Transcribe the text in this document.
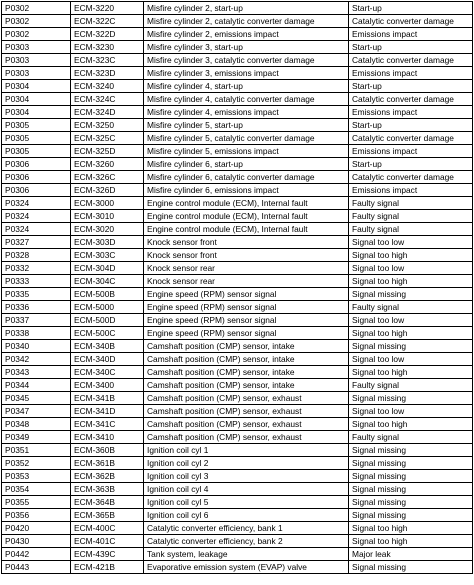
P0302	ECM-3220	Misfire cylinder 2, start-up	Start-up
P0302	ECM-322C	Misfire cylinder 2, catalytic converter damage	Catalytic converter damage
P0302	ECM-322D	Misfire cylinder 2, emissions impact	Emissions impact
P0303	ECM-3230	Misfire cylinder 3, start-up	Start-up
P0303	ECM-323C	Misfire cylinder 3, catalytic converter damage	Catalytic converter damage
P0303	ECM-323D	Misfire cylinder 3, emissions impact	Emissions impact
P0304	ECM-3240	Misfire cylinder 4, start-up	Start-up
P0304	ECM-324C	Misfire cylinder 4, catalytic converter damage	Catalytic converter damage
P0304	ECM-324D	Misfire cylinder 4, emissions impact	Emissions impact
P0305	ECM-3250	Misfire cylinder 5, start-up	Start-up
P0305	ECM-325C	Misfire cylinder 5, catalytic converter damage	Catalytic converter damage
P0305	ECM-325D	Misfire cylinder 5, emissions impact	Emissions impact
P0306	ECM-3260	Misfire cylinder 6, start-up	Start-up
P0306	ECM-326C	Misfire cylinder 6, catalytic converter damage	Catalytic converter damage
P0306	ECM-326D	Misfire cylinder 6, emissions impact	Emissions impact
P0324	ECM-3000	Engine control module (ECM), Internal fault	Faulty signal
P0324	ECM-3010	Engine control module (ECM), Internal fault	Faulty signal
P0324	ECM-3020	Engine control module (ECM), Internal fault	Faulty signal
P0327	ECM-303D	Knock sensor front	Signal too low
P0328	ECM-303C	Knock sensor front	Signal too high
P0332	ECM-304D	Knock sensor rear	Signal too low
P0333	ECM-304C	Knock sensor rear	Signal too high
P0335	ECM-500B	Engine speed (RPM) sensor signal	Signal missing
P0336	ECM-5000	Engine speed (RPM) sensor signal	Faulty signal
P0337	ECM-500D	Engine speed (RPM) sensor signal	Signal too low
P0338	ECM-500C	Engine speed (RPM) sensor signal	Signal too high
P0340	ECM-340B	Camshaft position (CMP) sensor, intake	Signal missing
P0342	ECM-340D	Camshaft position (CMP) sensor, intake	Signal too low
P0343	ECM-340C	Camshaft position (CMP) sensor, intake	Signal too high
P0344	ECM-3400	Camshaft position (CMP) sensor, intake	Faulty signal
P0345	ECM-341B	Camshaft position (CMP) sensor, exhaust	Signal missing
P0347	ECM-341D	Camshaft position (CMP) sensor, exhaust	Signal too low
P0348	ECM-341C	Camshaft position (CMP) sensor, exhaust	Signal too high
P0349	ECM-3410	Camshaft position (CMP) sensor, exhaust	Faulty signal
P0351	ECM-360B	Ignition coil cyl 1	Signal missing
P0352	ECM-361B	Ignition coil cyl 2	Signal missing
P0353	ECM-362B	Ignition coil cyl 3	Signal missing
P0354	ECM-363B	Ignition coil cyl 4	Signal missing
P0355	ECM-364B	Ignition coil cyl 5	Signal missing
P0356	ECM-365B	Ignition coil cyl 6	Signal missing
P0420	ECM-400C	Catalytic converter efficiency, bank 1	Signal too high
P0430	ECM-401C	Catalytic converter efficiency, bank 2	Signal too high
P0442	ECM-439C	Tank system, leakage	Major leak
P0443	ECM-421B	Evaporative emission system (EVAP) valve	Signal missing
